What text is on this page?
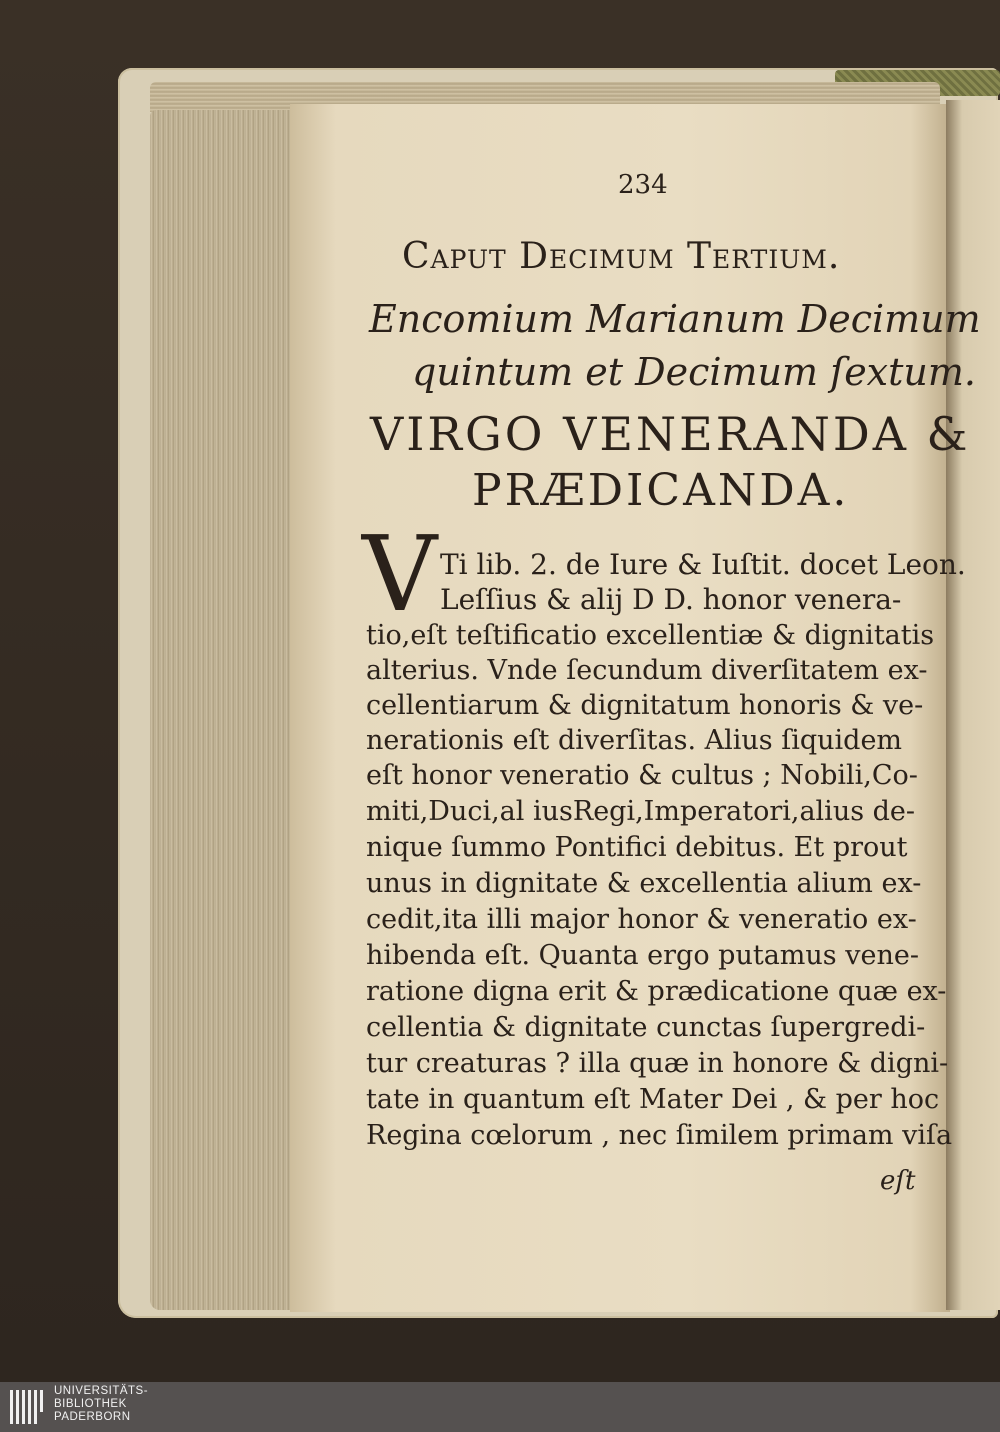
234
Caput Decimum Tertium.
Encomium Marianum Decimum
quintum et Decimum ſextum.
VIRGO VENERANDA &
PRÆDICANDA.
V Ti lib. 2. de Iure & Iuſtit. docet Leon.
Leſſius & alij D D. honor venera-
tio,eſt teſtificatio excellentiæ & dignitatis
alterius. Vnde ſecundum diverſitatem ex-
cellentiarum & dignitatum honoris & ve-
nerationis eſt diverſitas. Alius ſiquidem
eſt honor veneratio & cultus ; Nobili,Co-
miti,Duci,al iusRegi,Imperatori,alius de-
nique ſummo Pontifici debitus. Et prout
unus in dignitate & excellentia alium ex-
cedit,ita illi major honor & veneratio ex-
hibenda eſt. Quanta ergo putamus vene-
ratione digna erit & prædicatione quæ ex-
cellentia & dignitate cunctas ſupergredi-
tur creaturas ? illa quæ in honore & digni-
tate in quantum eſt Mater Dei , & per hoc
Regina cœlorum , nec ſimilem primam viſa
eſt
UNIVERSITÄTS-
BIBLIOTHEK
PADERBORN
